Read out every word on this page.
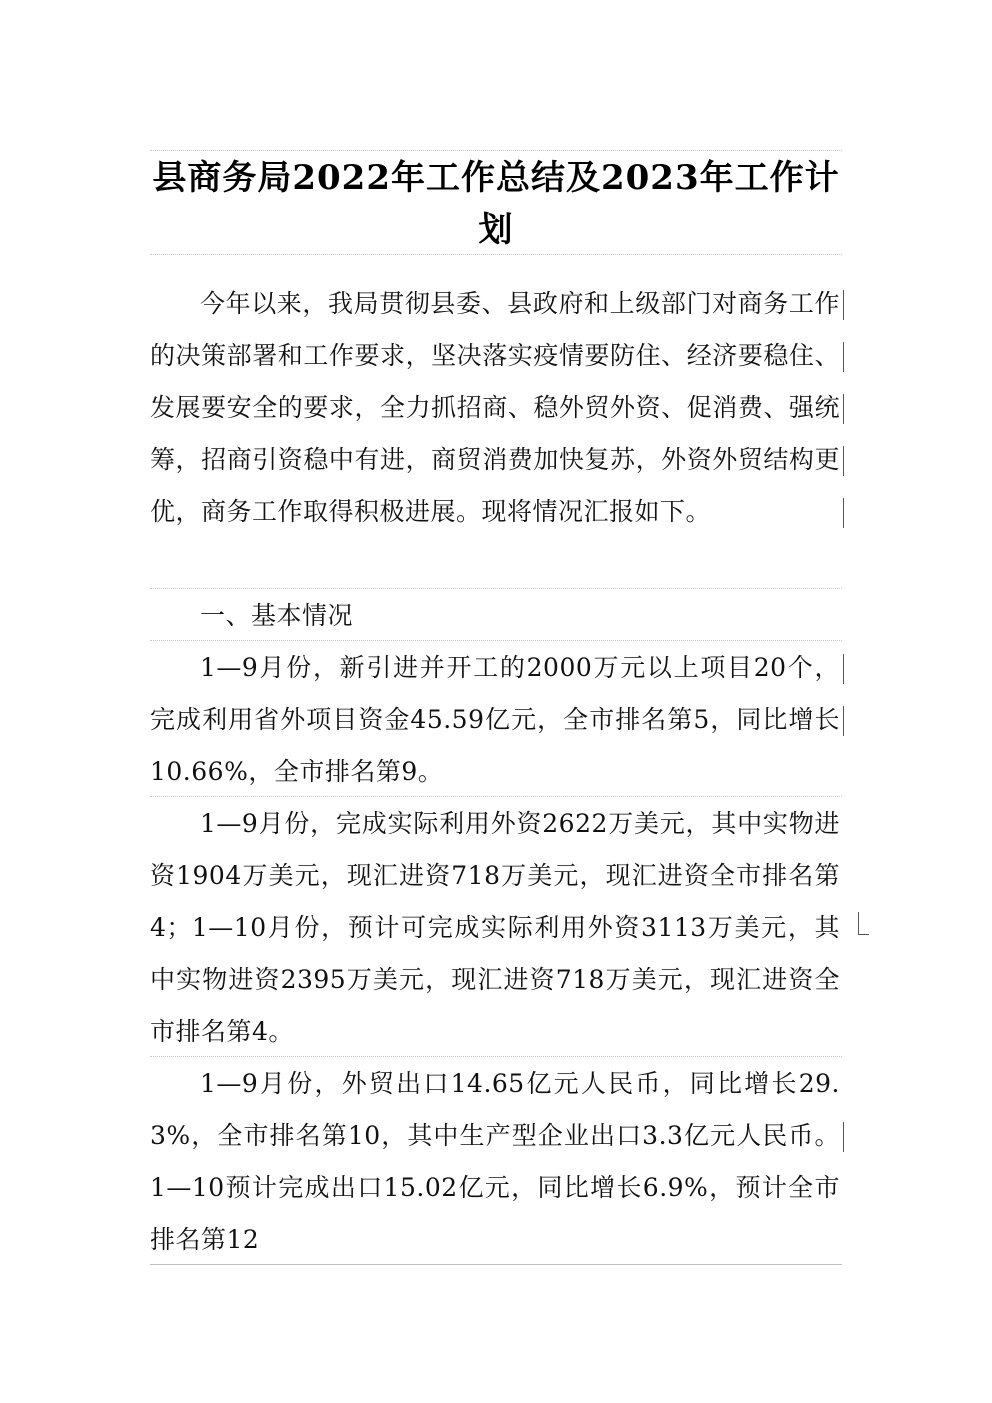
县商务局2022年工作总结及2023年工作计划
今年以来，我局贯彻县委、县政府和上级部门对商务工作的决策部署和工作要求，坚决落实疫情要防住、经济要稳住、发展要安全的要求，全力抓招商、稳外贸外资、促消费、强统筹，招商引资稳中有进，商贸消费加快复苏，外资外贸结构更优，商务工作取得积极进展。现将情况汇报如下。
一、基本情况
1—9月份，新引进并开工的2000万元以上项目20个，完成利用省外项目资金45.59亿元，全市排名第5，同比增长10.66%，全市排名第9。
1—9月份，完成实际利用外资2622万美元，其中实物进资1904万美元，现汇进资718万美元，现汇进资全市排名第4；1—10月份，预计可完成实际利用外资3113万美元，其中实物进资2395万美元，现汇进资718万美元，现汇进资全市排名第4。
1—9月份，外贸出口14.65亿元人民币，同比增长29.3%，全市排名第10，其中生产型企业出口3.3亿元人民币。1—10预计完成出口15.02亿元，同比增长6.9%，预计全市排名第12
